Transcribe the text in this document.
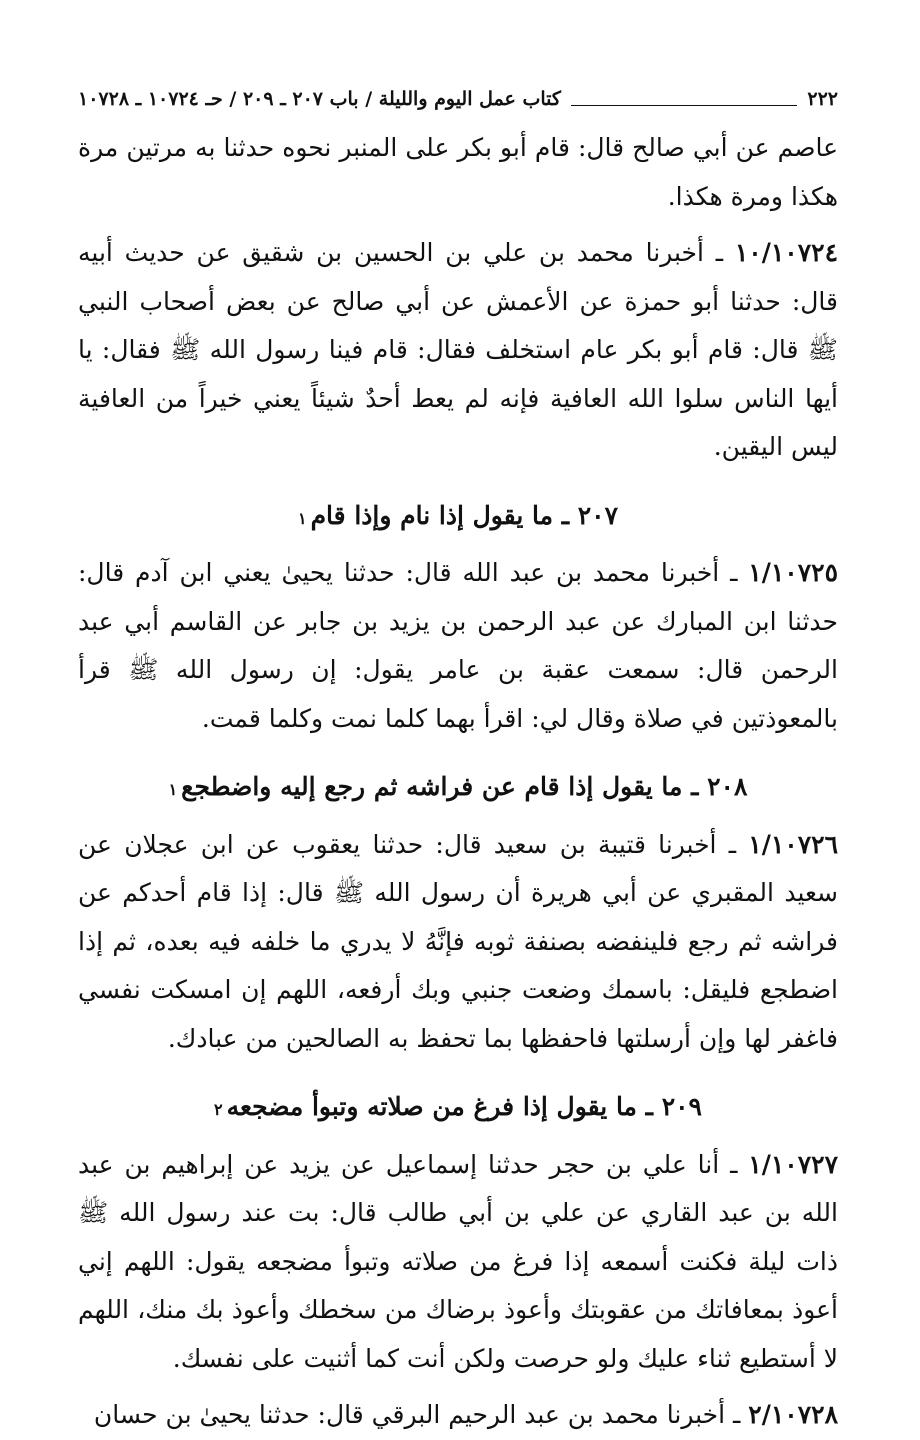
٢٢٢
كتاب عمل اليوم والليلة / باب ٢٠٧ ـ ٢٠٩ / حـ ١٠٧٢٤ ـ ١٠٧٢٨

عاصم عن أبي صالح قال: قام أبو بكر على المنبر نحوه حدثنا به مرتين مرة هكذا ومرة هكذا.

١٠/١٠٧٢٤ ـ أخبرنا محمد بن علي بن الحسين بن شقيق عن حديث أبيه قال: حدثنا أبو حمزة عن الأعمش عن أبي صالح عن بعض أصحاب النبي ﷺ قال: قام أبو بكر عام استخلف فقال: قام فينا رسول الله ﷺ فقال: يا أيها الناس سلوا الله العافية فإنه لم يعط أحدٌ شيئاً يعني خيراً من العافية ليس اليقين.

٢٠٧ ـ ما يقول إذا نام وإذا قام١

١/١٠٧٢٥ ـ أخبرنا محمد بن عبد الله قال: حدثنا يحيىٰ يعني ابن آدم قال: حدثنا ابن المبارك عن عبد الرحمن بن يزيد بن جابر عن القاسم أبي عبد الرحمن قال: سمعت عقبة بن عامر يقول: إن رسول الله ﷺ قرأ بالمعوذتين في صلاة وقال لي: اقرأ بهما كلما نمت وكلما قمت.

٢٠٨ ـ ما يقول إذا قام عن فراشه ثم رجع إليه واضطجع١

١/١٠٧٢٦ ـ أخبرنا قتيبة بن سعيد قال: حدثنا يعقوب عن ابن عجلان عن سعيد المقبري عن أبي هريرة أن رسول الله ﷺ قال: إذا قام أحدكم عن فراشه ثم رجع فلينفضه بصنفة ثوبه فإنَّهُ لا يدري ما خلفه فيه بعده، ثم إذا اضطجع فليقل: باسمك وضعت جنبي وبك أرفعه، اللهم إن امسكت نفسي فاغفر لها وإن أرسلتها فاحفظها بما تحفظ به الصالحين من عبادك.

٢٠٩ ـ ما يقول إذا فرغ من صلاته وتبوأ مضجعه٢

١/١٠٧٢٧ ـ أنا علي بن حجر حدثنا إسماعيل عن يزيد عن إبراهيم بن عبد الله بن عبد القاري عن علي بن أبي طالب قال: بت عند رسول الله ﷺ ذات ليلة فكنت أسمعه إذا فرغ من صلاته وتبوأ مضجعه يقول: اللهم إني أعوذ بمعافاتك من عقوبتك وأعوذ برضاك من سخطك وأعوذ بك منك، اللهم لا أستطيع ثناء عليك ولو حرصت ولكن أنت كما أثنيت على نفسك.

٢/١٠٧٢٨ ـ أخبرنا محمد بن عبد الرحيم البرقي قال: حدثنا يحيىٰ بن حسان
